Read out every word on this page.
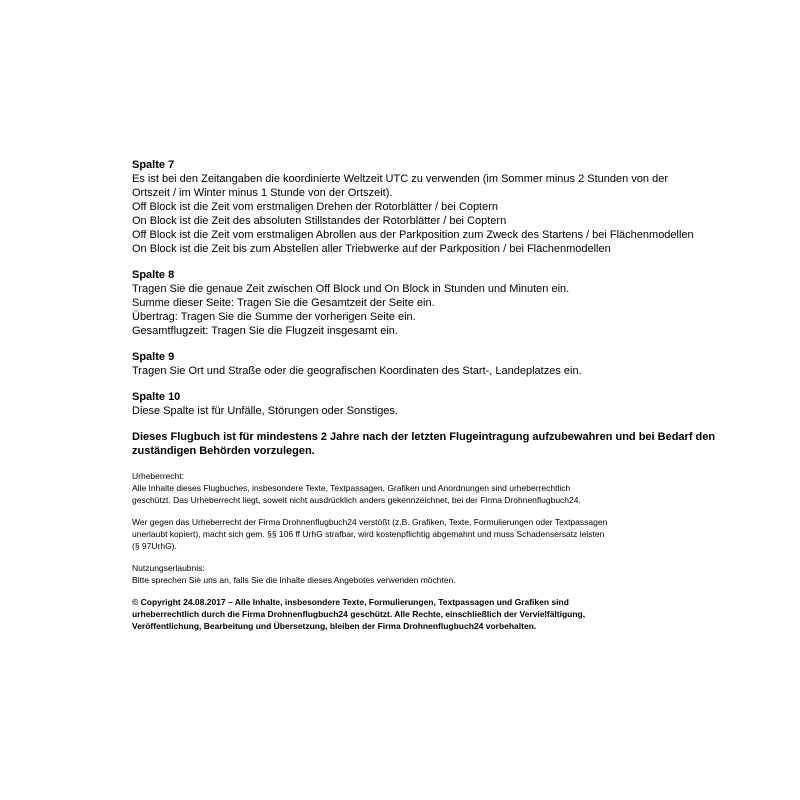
Spalte 7

Es ist bei den Zeitangaben die koordinierte Weltzeit UTC zu verwenden (im Sommer minus 2 Stunden von der

Ortszeit / im Winter minus 1 Stunde von der Ortszeit).

Off Block ist die Zeit vom erstmaligen Drehen der Rotorblätter / bei Coptern

On Block ist die Zeit des absoluten Stillstandes der Rotorblätter / bei Coptern

Off Block ist die Zeit vom erstmaligen Abrollen aus der Parkposition zum Zweck des Startens / bei Flächenmodellen

On Block ist die Zeit bis zum Abstellen aller Triebwerke auf der Parkposition / bei Flächenmodellen

Spalte 8

Tragen Sie die genaue Zeit zwischen Off Block und On Block in Stunden und Minuten ein.

Summe dieser Seite: Tragen Sie die Gesamtzeit der Seite ein.

Übertrag: Tragen Sie die Summe der vorherigen Seite ein.

Gesamtflugzeit: Tragen Sie die Flugzeit insgesamt ein.

Spalte 9

Tragen Sie Ort und Straße oder die geografischen Koordinaten des Start-, Landeplatzes ein.

Spalte 10

Diese Spalte ist für Unfälle, Störungen oder Sonstiges.

Dieses Flugbuch ist für mindestens 2 Jahre nach der letzten Flugeintragung aufzubewahren und bei Bedarf den
zuständigen Behörden vorzulegen.

Urheberrecht:

Alle Inhalte dieses Flugbuches, insbesondere Texte, Textpassagen, Grafiken und Anordnungen sind urheberrechtlich

geschützt. Das Urheberrecht liegt, soweit nicht ausdrücklich anders gekennzeichnet, bei der Firma Drohnenflugbuch24.

Wer gegen das Urheberrecht der Firma Drohnenflugbuch24 verstößt (z.B. Grafiken, Texte, Formulierungen oder Textpassagen

unerlaubt kopiert), macht sich gem. §§ 106 ff UrhG strafbar, wird kostenpflichtig abgemahnt und muss Schadensersatz leisten

(§ 97UrhG).

Nutzungserlaubnis:

Bitte sprechen Sie uns an, falls Sie die Inhalte dieses Angebotes verwenden möchten.

© Copyright 24.08.2017 – Alle Inhalte, insbesondere Texte, Formulierungen, Textpassagen und Grafiken sind

urheberrechtlich durch die Firma Drohnenflugbuch24 geschützt. Alle Rechte, einschließlich der Vervielfältigung,

Veröffentlichung, Bearbeitung und Übersetzung, bleiben der Firma Drohnenflugbuch24 vorbehalten.
